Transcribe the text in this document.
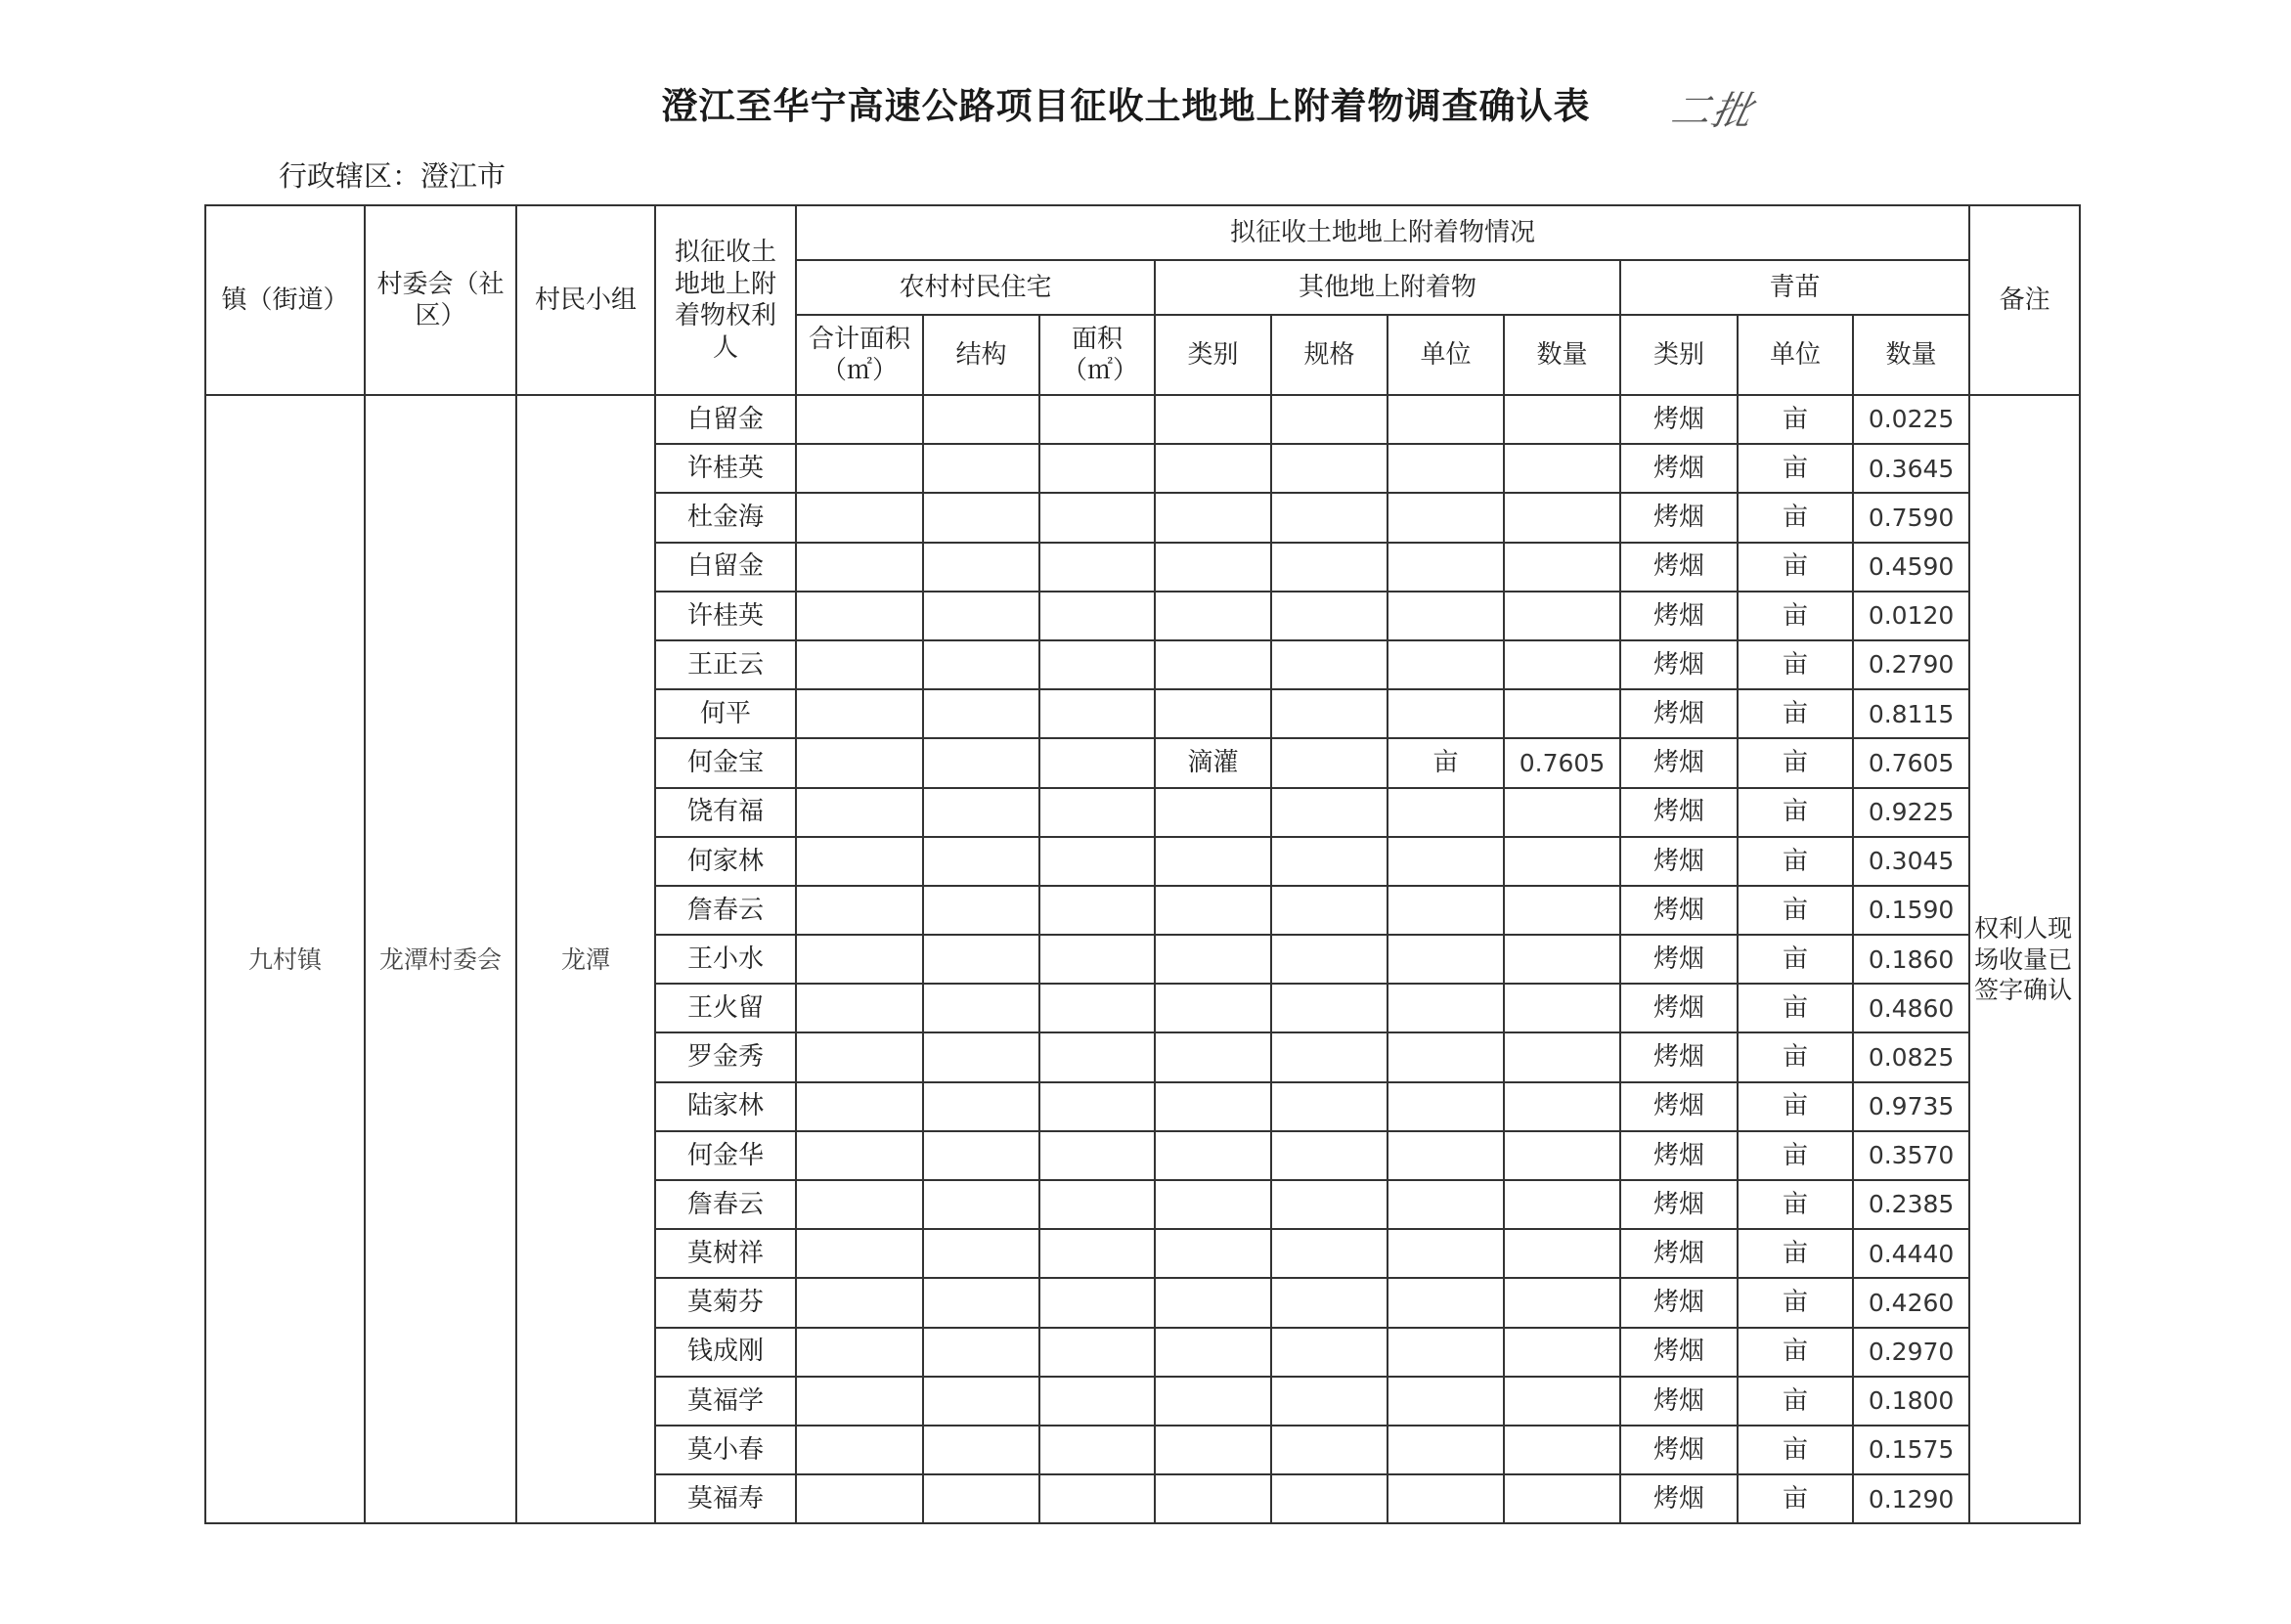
澄江至华宁高速公路项目征收土地地上附着物调查确认表	二批
行政辖区：澄江市
镇（街道）	村委会（社区）	村民小组	拟征收土地地上附着物权利人	拟征收土地地上附着物情况										备注
				农村村民住宅			其他地上附着物				青苗			
				合计面积（㎡）	结构	面积（㎡）	类别	规格	单位	数量	类别	单位	数量	
九村镇	龙潭村委会	龙潭	白留金								烤烟	亩	0.0225	权利人现场收量已签字确认
			许桂英								烤烟	亩	0.3645	
			杜金海								烤烟	亩	0.7590	
			白留金								烤烟	亩	0.4590	
			许桂英								烤烟	亩	0.0120	
			王正云								烤烟	亩	0.2790	
			何平								烤烟	亩	0.8115	
			何金宝				滴灌		亩	0.7605	烤烟	亩	0.7605	
			饶有福								烤烟	亩	0.9225	
			何家林								烤烟	亩	0.3045	
			詹春云								烤烟	亩	0.1590	
			王小水								烤烟	亩	0.1860	
			王火留								烤烟	亩	0.4860	
			罗金秀								烤烟	亩	0.0825	
			陆家林								烤烟	亩	0.9735	
			何金华								烤烟	亩	0.3570	
			詹春云								烤烟	亩	0.2385	
			莫树祥								烤烟	亩	0.4440	
			莫菊芬								烤烟	亩	0.4260	
			钱成刚								烤烟	亩	0.2970	
			莫福学								烤烟	亩	0.1800	
			莫小春								烤烟	亩	0.1575	
			莫福寿								烤烟	亩	0.1290	
